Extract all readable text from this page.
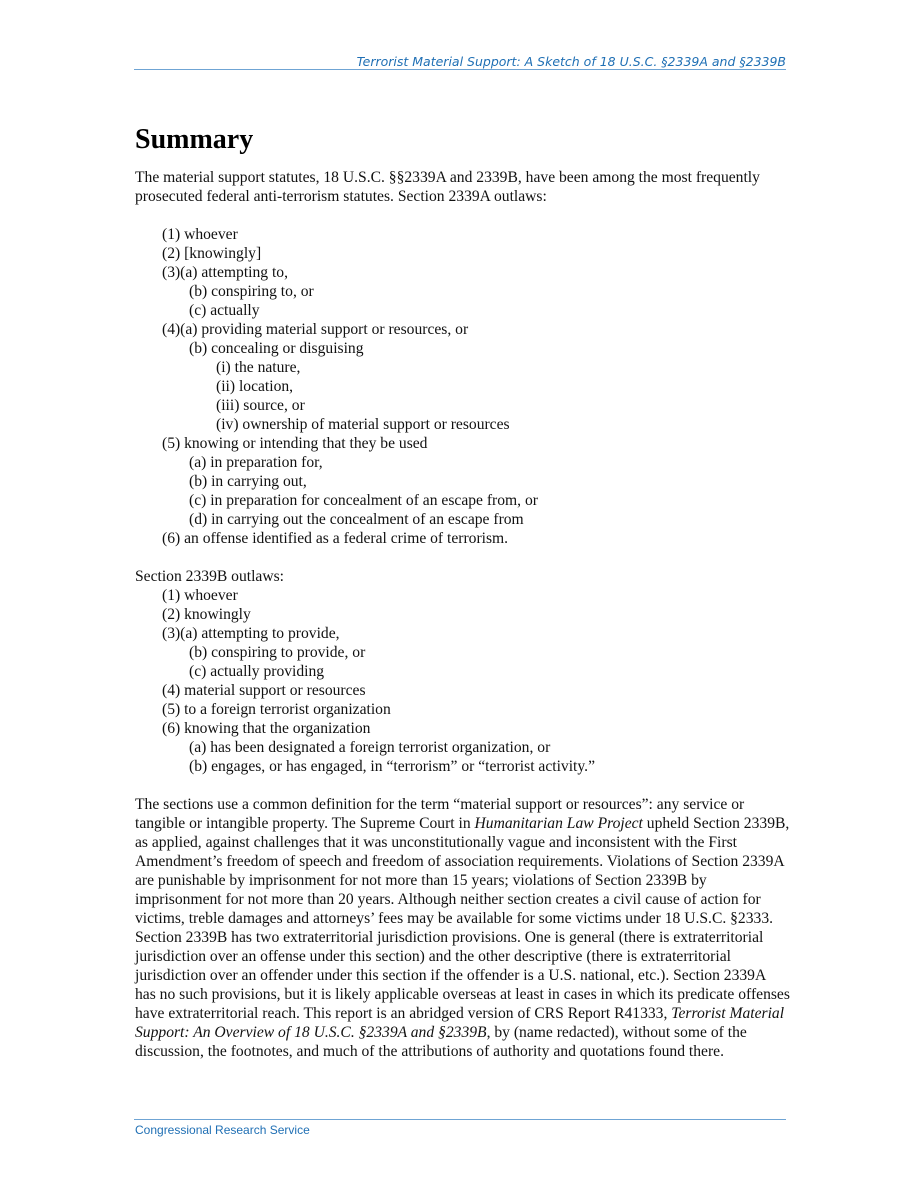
Terrorist Material Support: A Sketch of 18 U.S.C. §2339A and §2339B
Summary

The material support statutes, 18 U.S.C. §§2339A and 2339B, have been among the most frequently prosecuted federal anti-terrorism statutes. Section 2339A outlaws:

(1) whoever
(2) [knowingly]
(3)(a) attempting to,
(b) conspiring to, or
(c) actually
(4)(a) providing material support or resources, or
(b) concealing or disguising
(i) the nature,
(ii) location,
(iii) source, or
(iv) ownership of material support or resources
(5) knowing or intending that they be used
(a) in preparation for,
(b) in carrying out,
(c) in preparation for concealment of an escape from, or
(d) in carrying out the concealment of an escape from
(6) an offense identified as a federal crime of terrorism.

Section 2339B outlaws:

(1) whoever
(2) knowingly
(3)(a) attempting to provide,
(b) conspiring to provide, or
(c) actually providing
(4) material support or resources
(5) to a foreign terrorist organization
(6) knowing that the organization
(a) has been designated a foreign terrorist organization, or
(b) engages, or has engaged, in “terrorism” or “terrorist activity.”

The sections use a common definition for the term “material support or resources”: any service or tangible or intangible property. The Supreme Court in Humanitarian Law Project upheld Section 2339B, as applied, against challenges that it was unconstitutionally vague and inconsistent with the First Amendment’s freedom of speech and freedom of association requirements. Violations of Section 2339A are punishable by imprisonment for not more than 15 years; violations of Section 2339B by imprisonment for not more than 20 years. Although neither section creates a civil cause of action for victims, treble damages and attorneys’ fees may be available for some victims under 18 U.S.C. §2333. Section 2339B has two extraterritorial jurisdiction provisions. One is general (there is extraterritorial jurisdiction over an offense under this section) and the other descriptive (there is extraterritorial jurisdiction over an offender under this section if the offender is a U.S. national, etc.). Section 2339A has no such provisions, but it is likely applicable overseas at least in cases in which its predicate offenses have extraterritorial reach. This report is an abridged version of CRS Report R41333, Terrorist Material Support: An Overview of 18 U.S.C. §2339A and §2339B, by (name redacted), without some of the discussion, the footnotes, and much of the attributions of authority and quotations found there.

Congressional Research Service
